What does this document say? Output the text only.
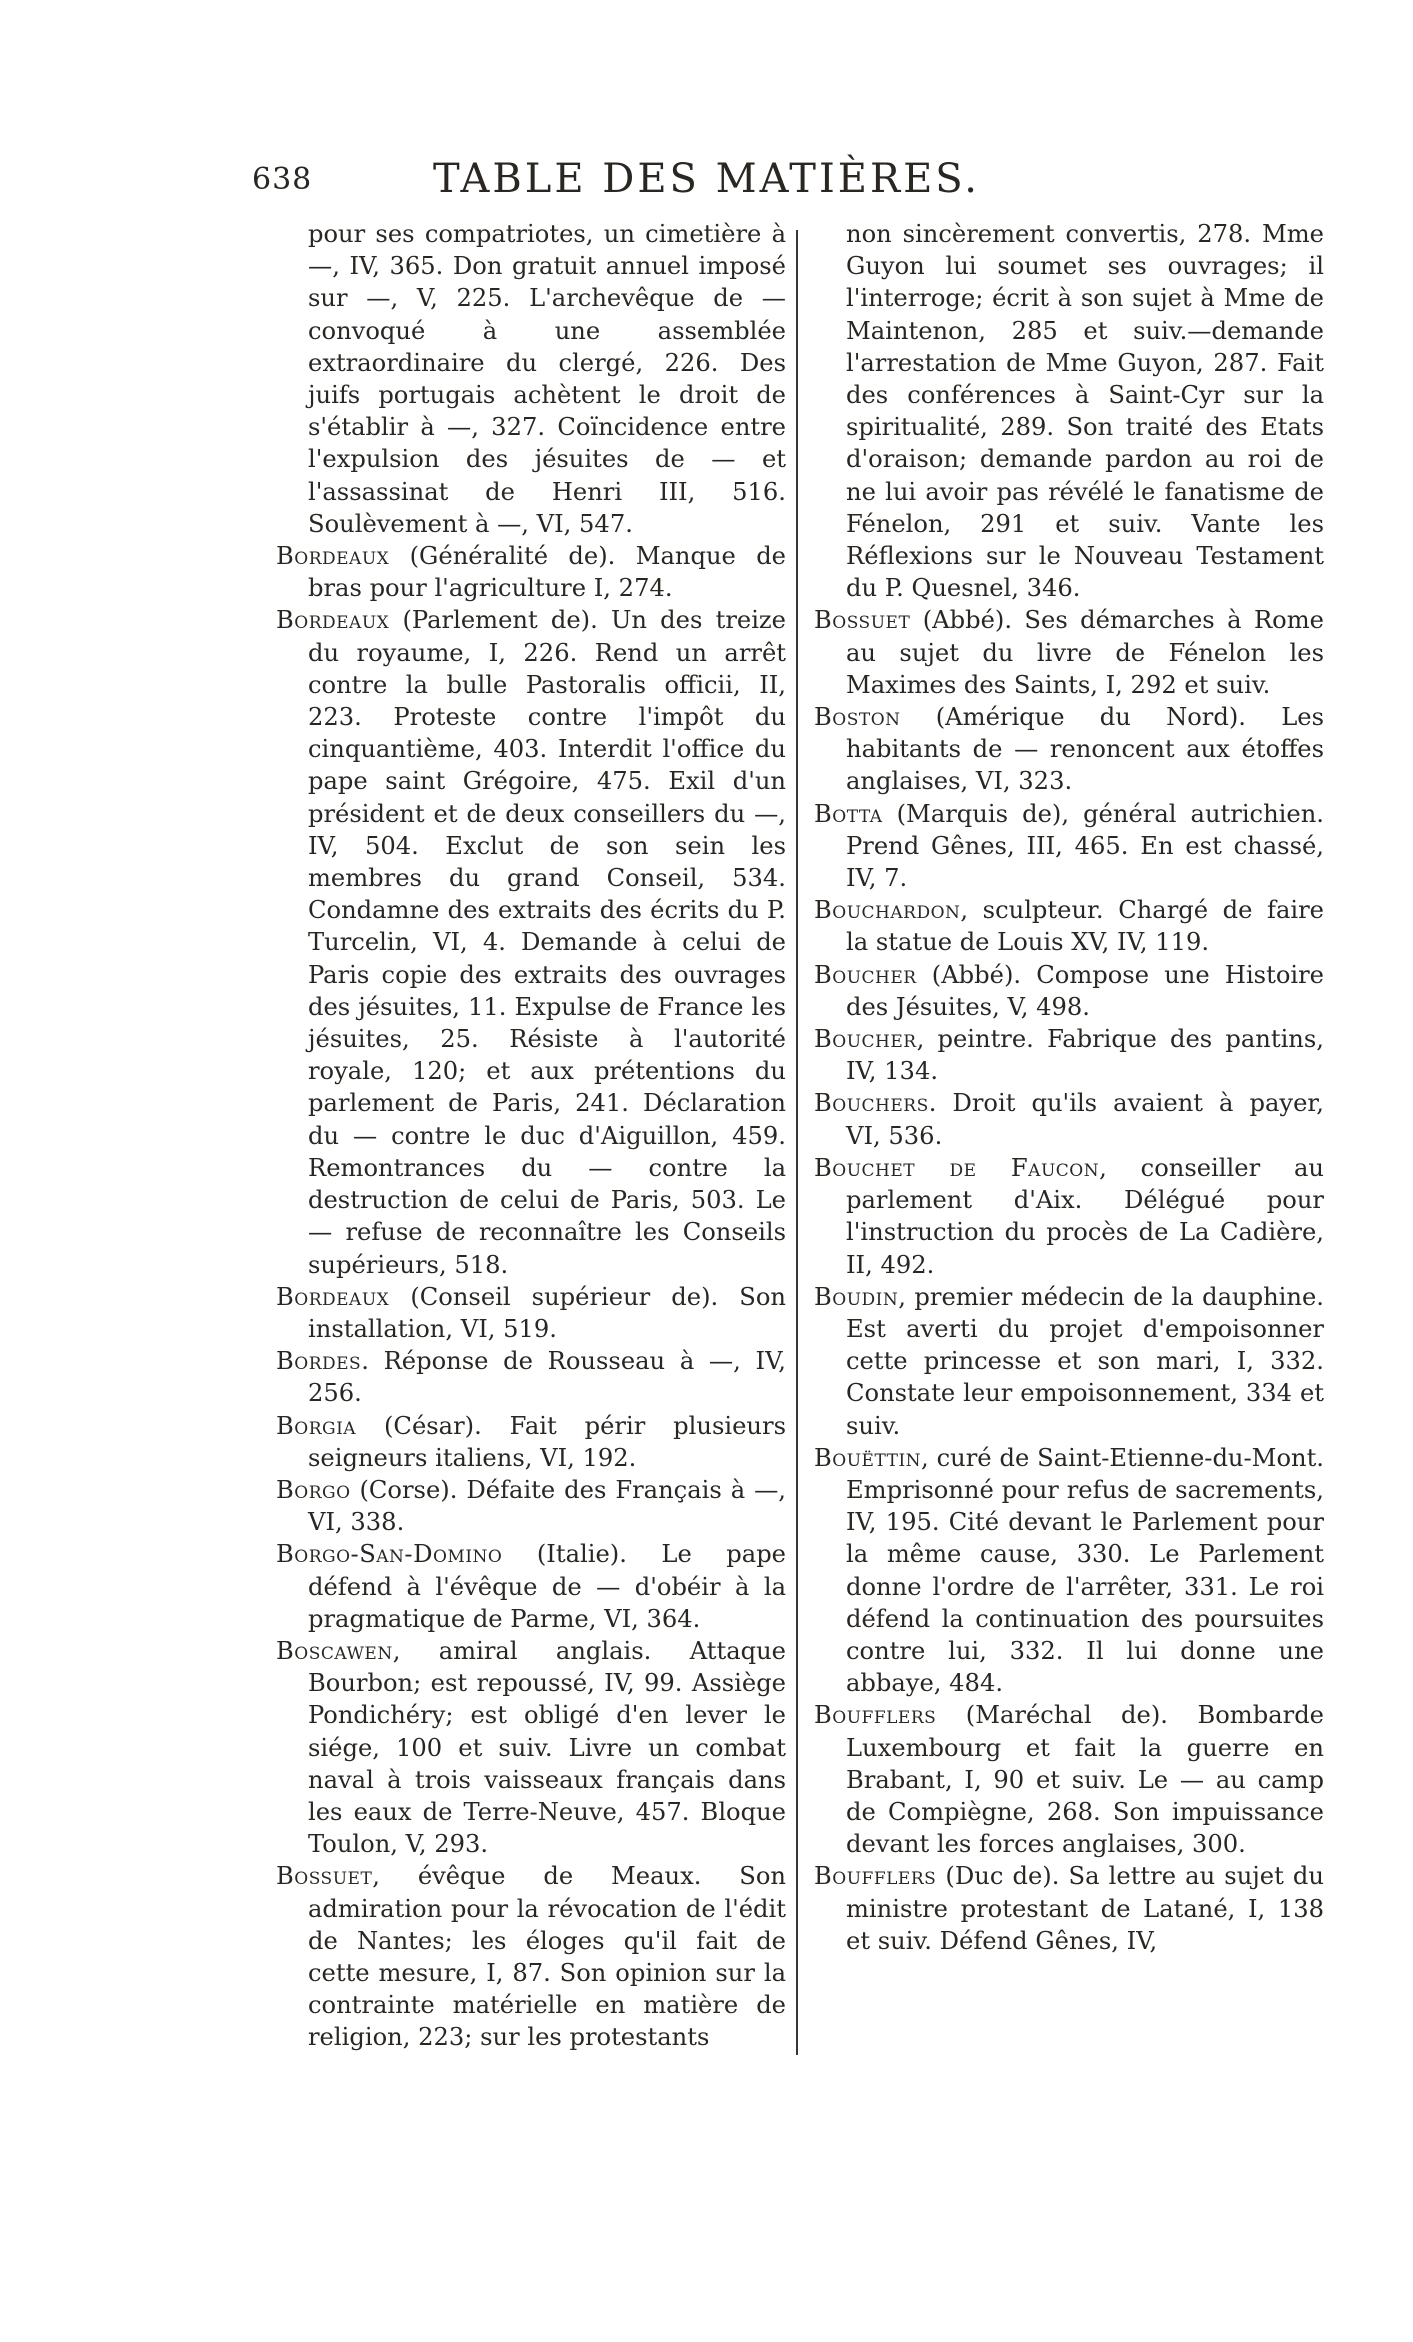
638	TABLE DES MATIÈRES.

pour ses compatriotes, un cimetière à —, IV, 365. Don gratuit annuel imposé sur —, V, 225. L'archevêque de — convoqué à une assemblée extraordinaire du clergé, 226. Des juifs portugais achètent le droit de s'établir à —, 327. Coïncidence entre l'expulsion des jésuites de — et l'assassinat de Henri III, 516. Soulèvement à —, VI, 547.

Bordeaux (Généralité de). Manque de bras pour l'agriculture I, 274.

Bordeaux (Parlement de). Un des treize du royaume, I, 226. Rend un arrêt contre la bulle Pastoralis officii, II, 223. Proteste contre l'impôt du cinquantième, 403. Interdit l'office du pape saint Grégoire, 475. Exil d'un président et de deux conseillers du —, IV, 504. Exclut de son sein les membres du grand Conseil, 534. Condamne des extraits des écrits du P. Turcelin, VI, 4. Demande à celui de Paris copie des extraits des ouvrages des jésuites, 11. Expulse de France les jésuites, 25. Résiste à l'autorité royale, 120; et aux prétentions du parlement de Paris, 241. Déclaration du — contre le duc d'Aiguillon, 459. Remontrances du — contre la destruction de celui de Paris, 503. Le — refuse de reconnaître les Conseils supérieurs, 518.

Bordeaux (Conseil supérieur de). Son installation, VI, 519.

Bordes. Réponse de Rousseau à —, IV, 256.

Borgia (César). Fait périr plusieurs seigneurs italiens, VI, 192.

Borgo (Corse). Défaite des Français à —, VI, 338.

Borgo-San-Domino (Italie). Le pape défend à l'évêque de — d'obéir à la pragmatique de Parme, VI, 364.

Boscawen, amiral anglais. Attaque Bourbon; est repoussé, IV, 99. Assiège Pondichéry; est obligé d'en lever le siége, 100 et suiv. Livre un combat naval à trois vaisseaux français dans les eaux de Terre-Neuve, 457. Bloque Toulon, V, 293.

Bossuet, évêque de Meaux. Son admiration pour la révocation de l'édit de Nantes; les éloges qu'il fait de cette mesure, I, 87. Son opinion sur la contrainte matérielle en matière de religion, 223; sur les protestants

non sincèrement convertis, 278. Mme Guyon lui soumet ses ouvrages; il l'interroge; écrit à son sujet à Mme de Maintenon, 285 et suiv.—demande l'arrestation de Mme Guyon, 287. Fait des conférences à Saint-Cyr sur la spiritualité, 289. Son traité des Etats d'oraison; demande pardon au roi de ne lui avoir pas révélé le fanatisme de Fénelon, 291 et suiv. Vante les Réflexions sur le Nouveau Testament du P. Quesnel, 346.

Bossuet (Abbé). Ses démarches à Rome au sujet du livre de Fénelon les Maximes des Saints, I, 292 et suiv.

Boston (Amérique du Nord). Les habitants de — renoncent aux étoffes anglaises, VI, 323.

Botta (Marquis de), général autrichien. Prend Gênes, III, 465. En est chassé, IV, 7.

Bouchardon, sculpteur. Chargé de faire la statue de Louis XV, IV, 119.

Boucher (Abbé). Compose une Histoire des Jésuites, V, 498.

Boucher, peintre. Fabrique des pantins, IV, 134.

Bouchers. Droit qu'ils avaient à payer, VI, 536.

Bouchet de Faucon, conseiller au parlement d'Aix. Délégué pour l'instruction du procès de La Cadière, II, 492.

Boudin, premier médecin de la dauphine. Est averti du projet d'empoisonner cette princesse et son mari, I, 332. Constate leur empoisonnement, 334 et suiv.

Bouëttin, curé de Saint-Etienne-du-Mont. Emprisonné pour refus de sacrements, IV, 195. Cité devant le Parlement pour la même cause, 330. Le Parlement donne l'ordre de l'arrêter, 331. Le roi défend la continuation des poursuites contre lui, 332. Il lui donne une abbaye, 484.

Boufflers (Maréchal de). Bombarde Luxembourg et fait la guerre en Brabant, I, 90 et suiv. Le — au camp de Compiègne, 268. Son impuissance devant les forces anglaises, 300.

Boufflers (Duc de). Sa lettre au sujet du ministre protestant de Latané, I, 138 et suiv. Défend Gênes, IV,
